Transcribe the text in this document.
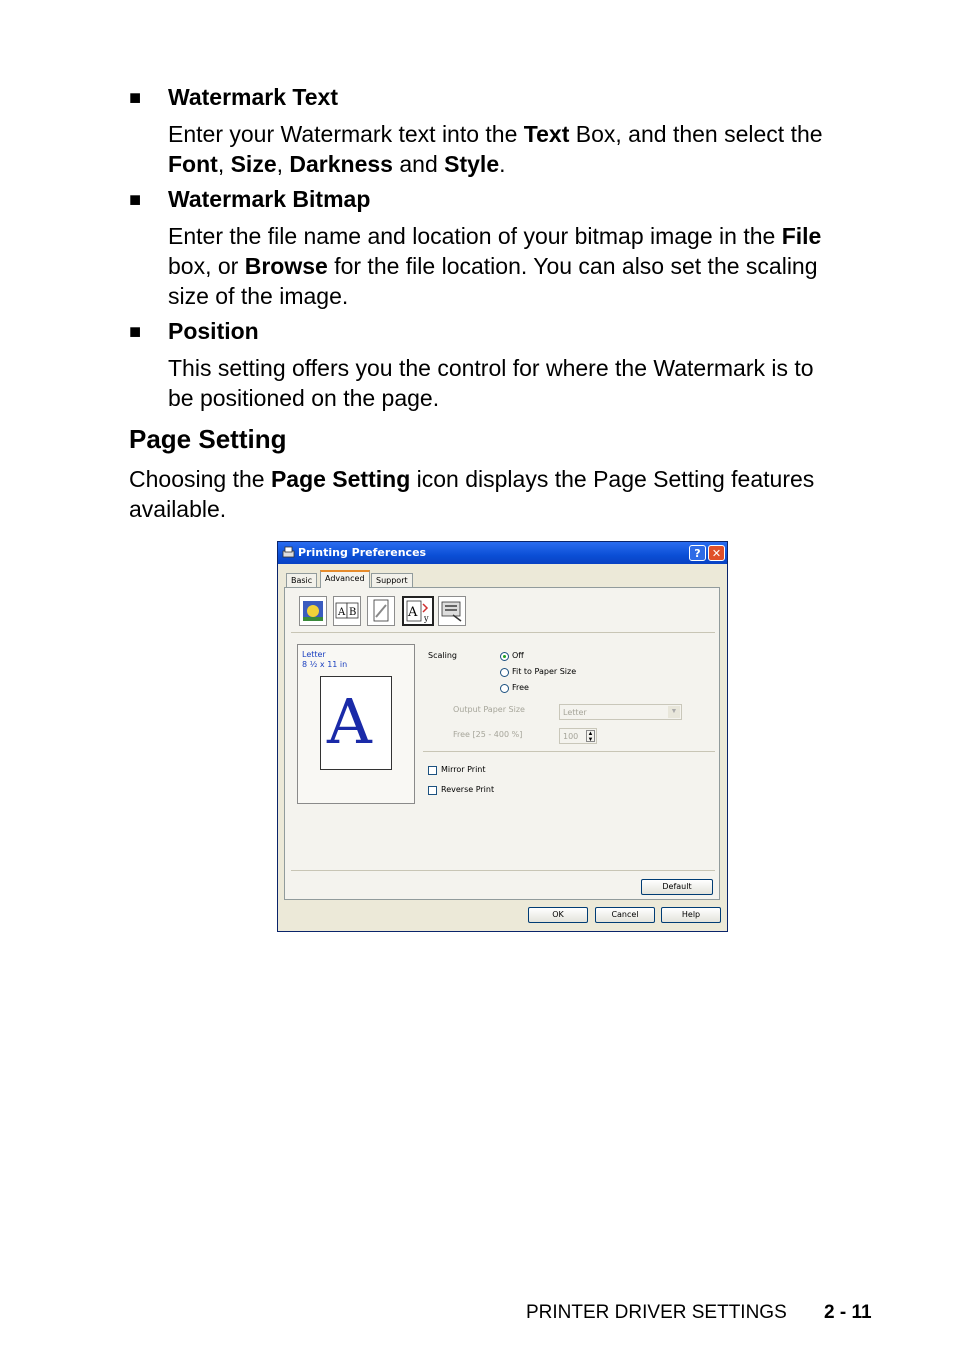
■ Watermark Text
Enter your Watermark text into the Text Box, and then select the
Font, Size, Darkness and Style.
■ Watermark Bitmap
Enter the file name and location of your bitmap image in the File
box, or Browse for the file location. You can also set the scaling
size of the image.
■ Position
This setting offers you the control for where the Watermark is to
be positioned on the page.
Page Setting
Choosing the Page Setting icon displays the Page Setting features
available.
Printing Preferences	?	✕
Basic	Advanced	Support
A B	A y
Letter
8 ½ x 11 in
A
Scaling	Off
Fit to Paper Size
Free
Output Paper Size	Letter	▼
Free [25 - 400 %]	100 ▲
▼
Mirror Print
Reverse Print
Default
OK	Cancel	Help
PRINTER DRIVER SETTINGS 2 - 11
